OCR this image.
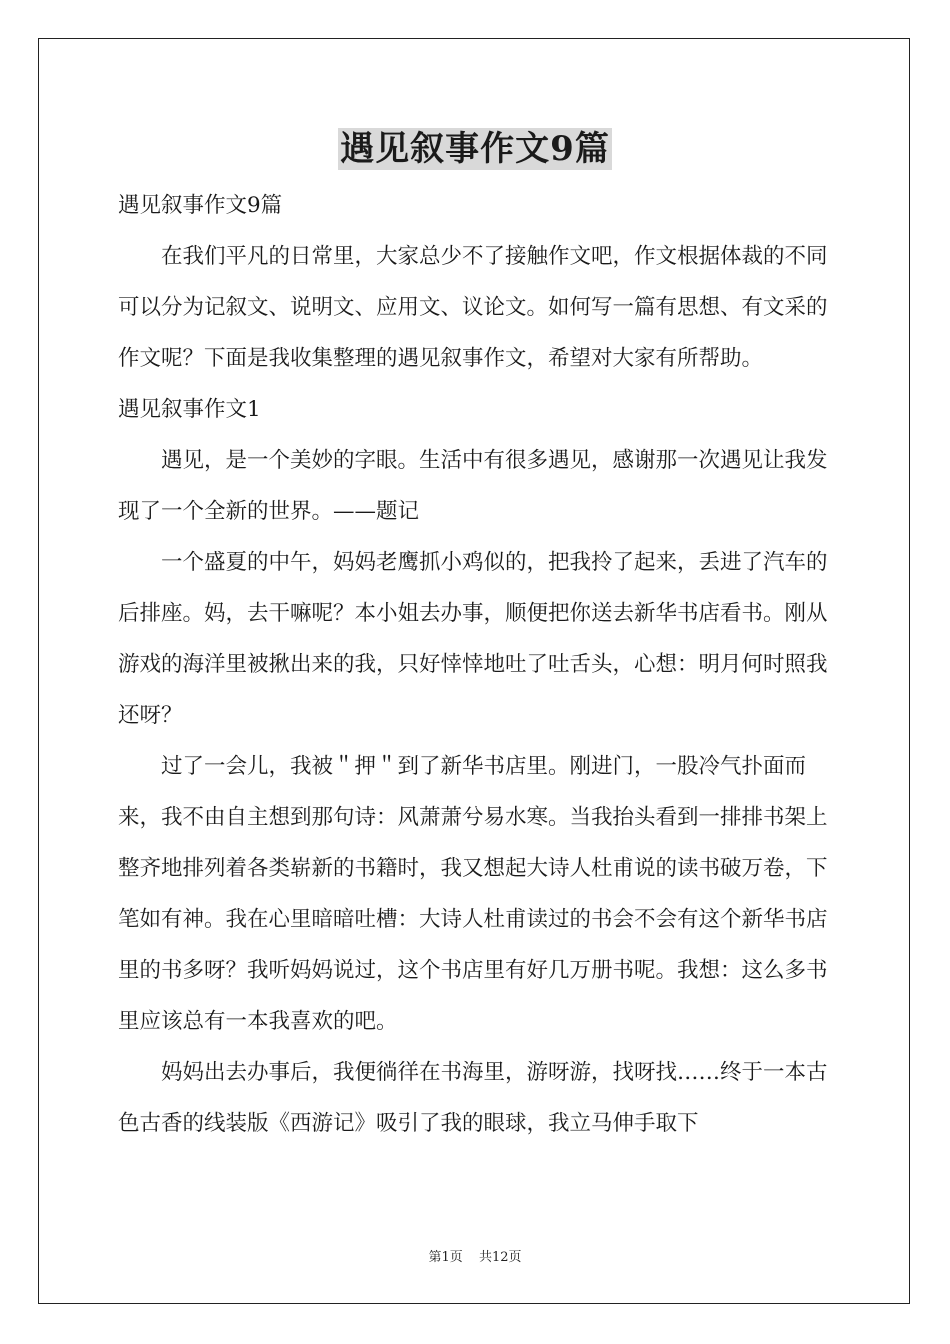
遇见叙事作文9篇

遇见叙事作文9篇

在我们平凡的日常里，大家总少不了接触作文吧，作文根据体裁的不同可以分为记叙文、说明文、应用文、议论文。如何写一篇有思想、有文采的作文呢？下面是我收集整理的遇见叙事作文，希望对大家有所帮助。

遇见叙事作文1

遇见，是一个美妙的字眼。生活中有很多遇见，感谢那一次遇见让我发现了一个全新的世界。——题记

一个盛夏的中午，妈妈老鹰抓小鸡似的，把我拎了起来，丢进了汽车的后排座。妈，去干嘛呢？本小姐去办事，顺便把你送去新华书店看书。刚从游戏的海洋里被揪出来的我，只好悻悻地吐了吐舌头，心想：明月何时照我还呀？

过了一会儿，我被＂押＂到了新华书店里。刚进门，一股冷气扑面而来，我不由自主想到那句诗：风萧萧兮易水寒。当我抬头看到一排排书架上整齐地排列着各类崭新的书籍时，我又想起大诗人杜甫说的读书破万卷，下笔如有神。我在心里暗暗吐槽：大诗人杜甫读过的书会不会有这个新华书店里的书多呀？我听妈妈说过，这个书店里有好几万册书呢。我想：这么多书里应该总有一本我喜欢的吧。

妈妈出去办事后，我便徜徉在书海里，游呀游，找呀找……终于一本古色古香的线装版《西游记》吸引了我的眼球，我立马伸手取下

第1页 共12页
